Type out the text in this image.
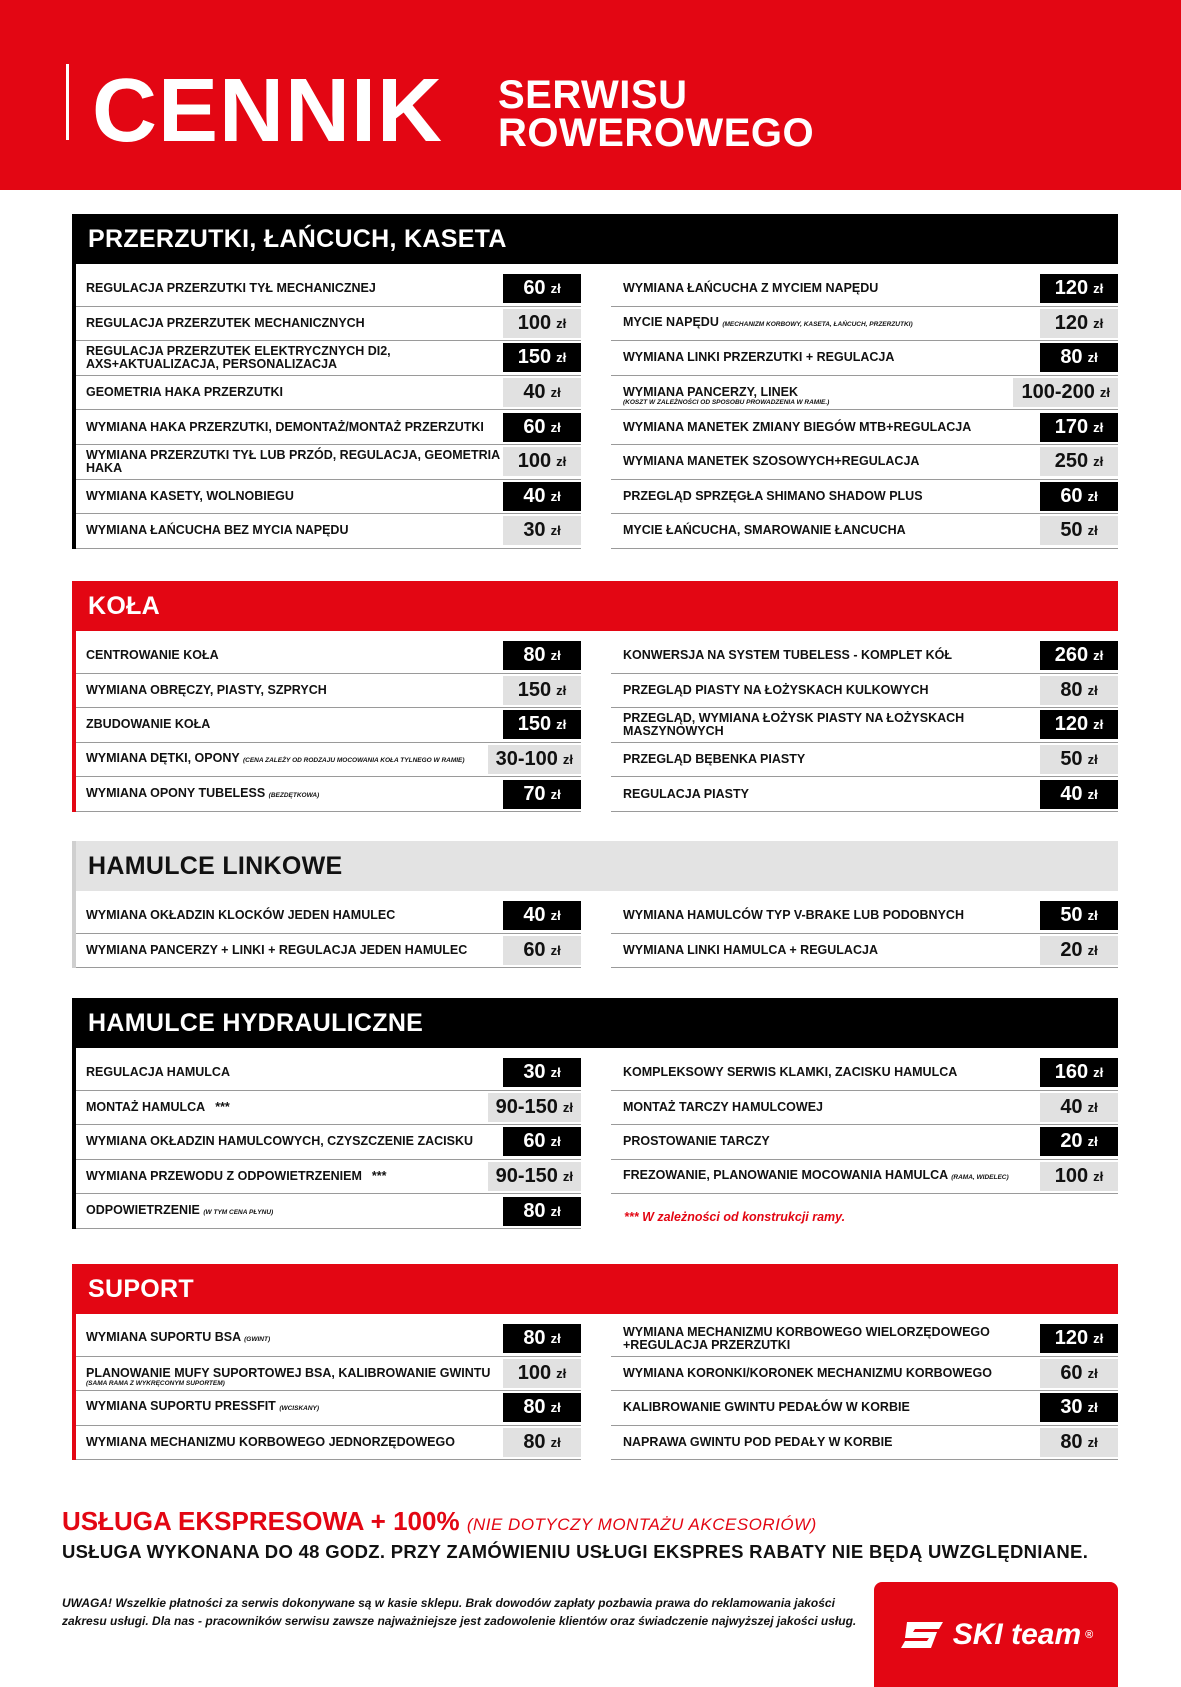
CENNIK SERWISU
ROWEROWEGO
PRZERZUTKI, ŁAŃCUCH, KASETA
REGULACJA PRZERZUTKI TYŁ MECHANICZNEJ	60 zł
REGULACJA PRZERZUTEK MECHANICZNYCH	100 zł
REGULACJA PRZERZUTEK ELEKTRYCZNYCH DI2, AXS+AKTUALIZACJA, PERSONALIZACJA	150 zł
GEOMETRIA HAKA PRZERZUTKI	40 zł
WYMIANA HAKA PRZERZUTKI, DEMONTAŻ/MONTAŻ PRZERZUTKI	60 zł
WYMIANA PRZERZUTKI TYŁ LUB PRZÓD, REGULACJA, GEOMETRIA HAKA	100 zł
WYMIANA KASETY, WOLNOBIEGU	40 zł
WYMIANA ŁAŃCUCHA BEZ MYCIA NAPĘDU	30 zł
WYMIANA ŁAŃCUCHA Z MYCIEM NAPĘDU	120 zł
MYCIE NAPĘDU (MECHANIZM KORBOWY, KASETA, ŁAŃCUCH, PRZERZUTKI)	120 zł
WYMIANA LINKI PRZERZUTKI + REGULACJA	80 zł
WYMIANA PANCERZY, LINEK
(KOSZT W ZALEŻNOŚCI OD SPOSOBU PROWADZENIA W RAMIE.)	100-200 zł
WYMIANA MANETEK ZMIANY BIEGÓW MTB+REGULACJA	170 zł
WYMIANA MANETEK SZOSOWYCH+REGULACJA	250 zł
PRZEGLĄD SPRZĘGŁA SHIMANO SHADOW PLUS	60 zł
MYCIE ŁAŃCUCHA, SMAROWANIE ŁANCUCHA	50 zł
KOŁA
CENTROWANIE KOŁA	80 zł
WYMIANA OBRĘCZY, PIASTY, SZPRYCH	150 zł
ZBUDOWANIE KOŁA	150 zł
WYMIANA DĘTKI, OPONY (CENA ZALEŻY OD RODZAJU MOCOWANIA KOŁA TYLNEGO W RAMIE)	30-100 zł
WYMIANA OPONY TUBELESS (BEZDĘTKOWA)	70 zł
KONWERSJA NA SYSTEM TUBELESS - KOMPLET KÓŁ	260 zł
PRZEGLĄD PIASTY NA ŁOŻYSKACH KULKOWYCH	80 zł
PRZEGLĄD, WYMIANA ŁOŻYSK PIASTY NA ŁOŻYSKACH MASZYNOWYCH	120 zł
PRZEGLĄD BĘBENKA PIASTY	50 zł
REGULACJA PIASTY	40 zł
HAMULCE LINKOWE
WYMIANA OKŁADZIN KLOCKÓW JEDEN HAMULEC	40 zł
WYMIANA PANCERZY + LINKI + REGULACJA JEDEN HAMULEC	60 zł
WYMIANA HAMULCÓW TYP V-BRAKE LUB PODOBNYCH	50 zł
WYMIANA LINKI HAMULCA + REGULACJA	20 zł
HAMULCE HYDRAULICZNE
REGULACJA HAMULCA	30 zł
MONTAŻ HAMULCA ***	90-150 zł
WYMIANA OKŁADZIN HAMULCOWYCH, CZYSZCZENIE ZACISKU	60 zł
WYMIANA PRZEWODU Z ODPOWIETRZENIEM ***	90-150 zł
ODPOWIETRZENIE (W TYM CENA PŁYNU)	80 zł
KOMPLEKSOWY SERWIS KLAMKI, ZACISKU HAMULCA	160 zł
MONTAŻ TARCZY HAMULCOWEJ	40 zł
PROSTOWANIE TARCZY	20 zł
FREZOWANIE, PLANOWANIE MOCOWANIA HAMULCA (RAMA, WIDELEC)	100 zł
SUPORT
WYMIANA SUPORTU BSA (GWINT)	80 zł
PLANOWANIE MUFY SUPORTOWEJ BSA, KALIBROWANIE GWINTU
(SAMA RAMA Z WYKRĘCONYM SUPORTEM)	100 zł
WYMIANA SUPORTU PRESSFIT (WCISKANY)	80 zł
WYMIANA MECHANIZMU KORBOWEGO JEDNORZĘDOWEGO	80 zł
WYMIANA MECHANIZMU KORBOWEGO WIELORZĘDOWEGO +REGULACJA PRZERZUTKI	120 zł
WYMIANA KORONKI/KORONEK MECHANIZMU KORBOWEGO	60 zł
KALIBROWANIE GWINTU PEDAŁÓW W KORBIE	30 zł
NAPRAWA GWINTU POD PEDAŁY W KORBIE	80 zł
*** W zależności od konstrukcji ramy.
USŁUGA EKSPRESOWA + 100% (NIE DOTYCZY MONTAŻU AKCESORIÓW)
USŁUGA WYKONANA DO 48 GODZ. PRZY ZAMÓWIENIU USŁUGI EKSPRES RABATY NIE BĘDĄ UWZGLĘDNIANE.
UWAGA! Wszelkie płatności za serwis dokonywane są w kasie sklepu. Brak dowodów zapłaty pozbawia prawa do reklamowania jakości zakresu usługi. Dla nas - pracowników serwisu zawsze najważniejsze jest zadowolenie klientów oraz świadczenie najwyższej jakości usług.	SKI team ®
